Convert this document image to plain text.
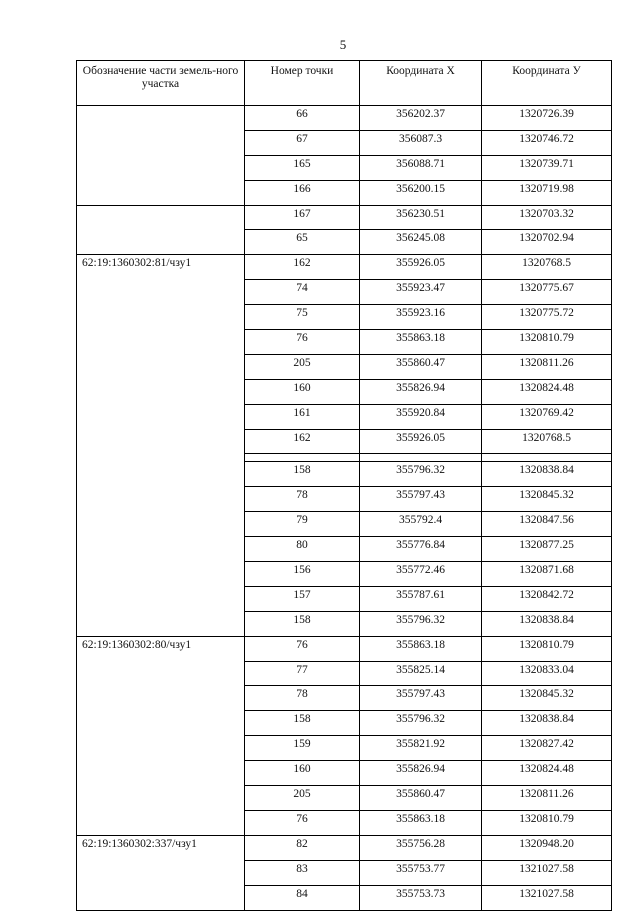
5
Обозначение части земель-ного участка	Номер точки	Координата X	Координата У
	66	356202.37	1320726.39
	67	356087.3	1320746.72
	165	356088.71	1320739.71
	166	356200.15	1320719.98
	167	356230.51	1320703.32
	65	356245.08	1320702.94
62:19:1360302:81/чзу1	162	355926.05	1320768.5
	74	355923.47	1320775.67
	75	355923.16	1320775.72
	76	355863.18	1320810.79
	205	355860.47	1320811.26
	160	355826.94	1320824.48
	161	355920.84	1320769.42
	162	355926.05	1320768.5

	158	355796.32	1320838.84
	78	355797.43	1320845.32
	79	355792.4	1320847.56
	80	355776.84	1320877.25
	156	355772.46	1320871.68
	157	355787.61	1320842.72
	158	355796.32	1320838.84
62:19:1360302:80/чзу1	76	355863.18	1320810.79
	77	355825.14	1320833.04
	78	355797.43	1320845.32
	158	355796.32	1320838.84
	159	355821.92	1320827.42
	160	355826.94	1320824.48
	205	355860.47	1320811.26
	76	355863.18	1320810.79
62:19:1360302:337/чзу1	82	355756.28	1320948.20
	83	355753.77	1321027.58
	84	355753.73	1321027.58
